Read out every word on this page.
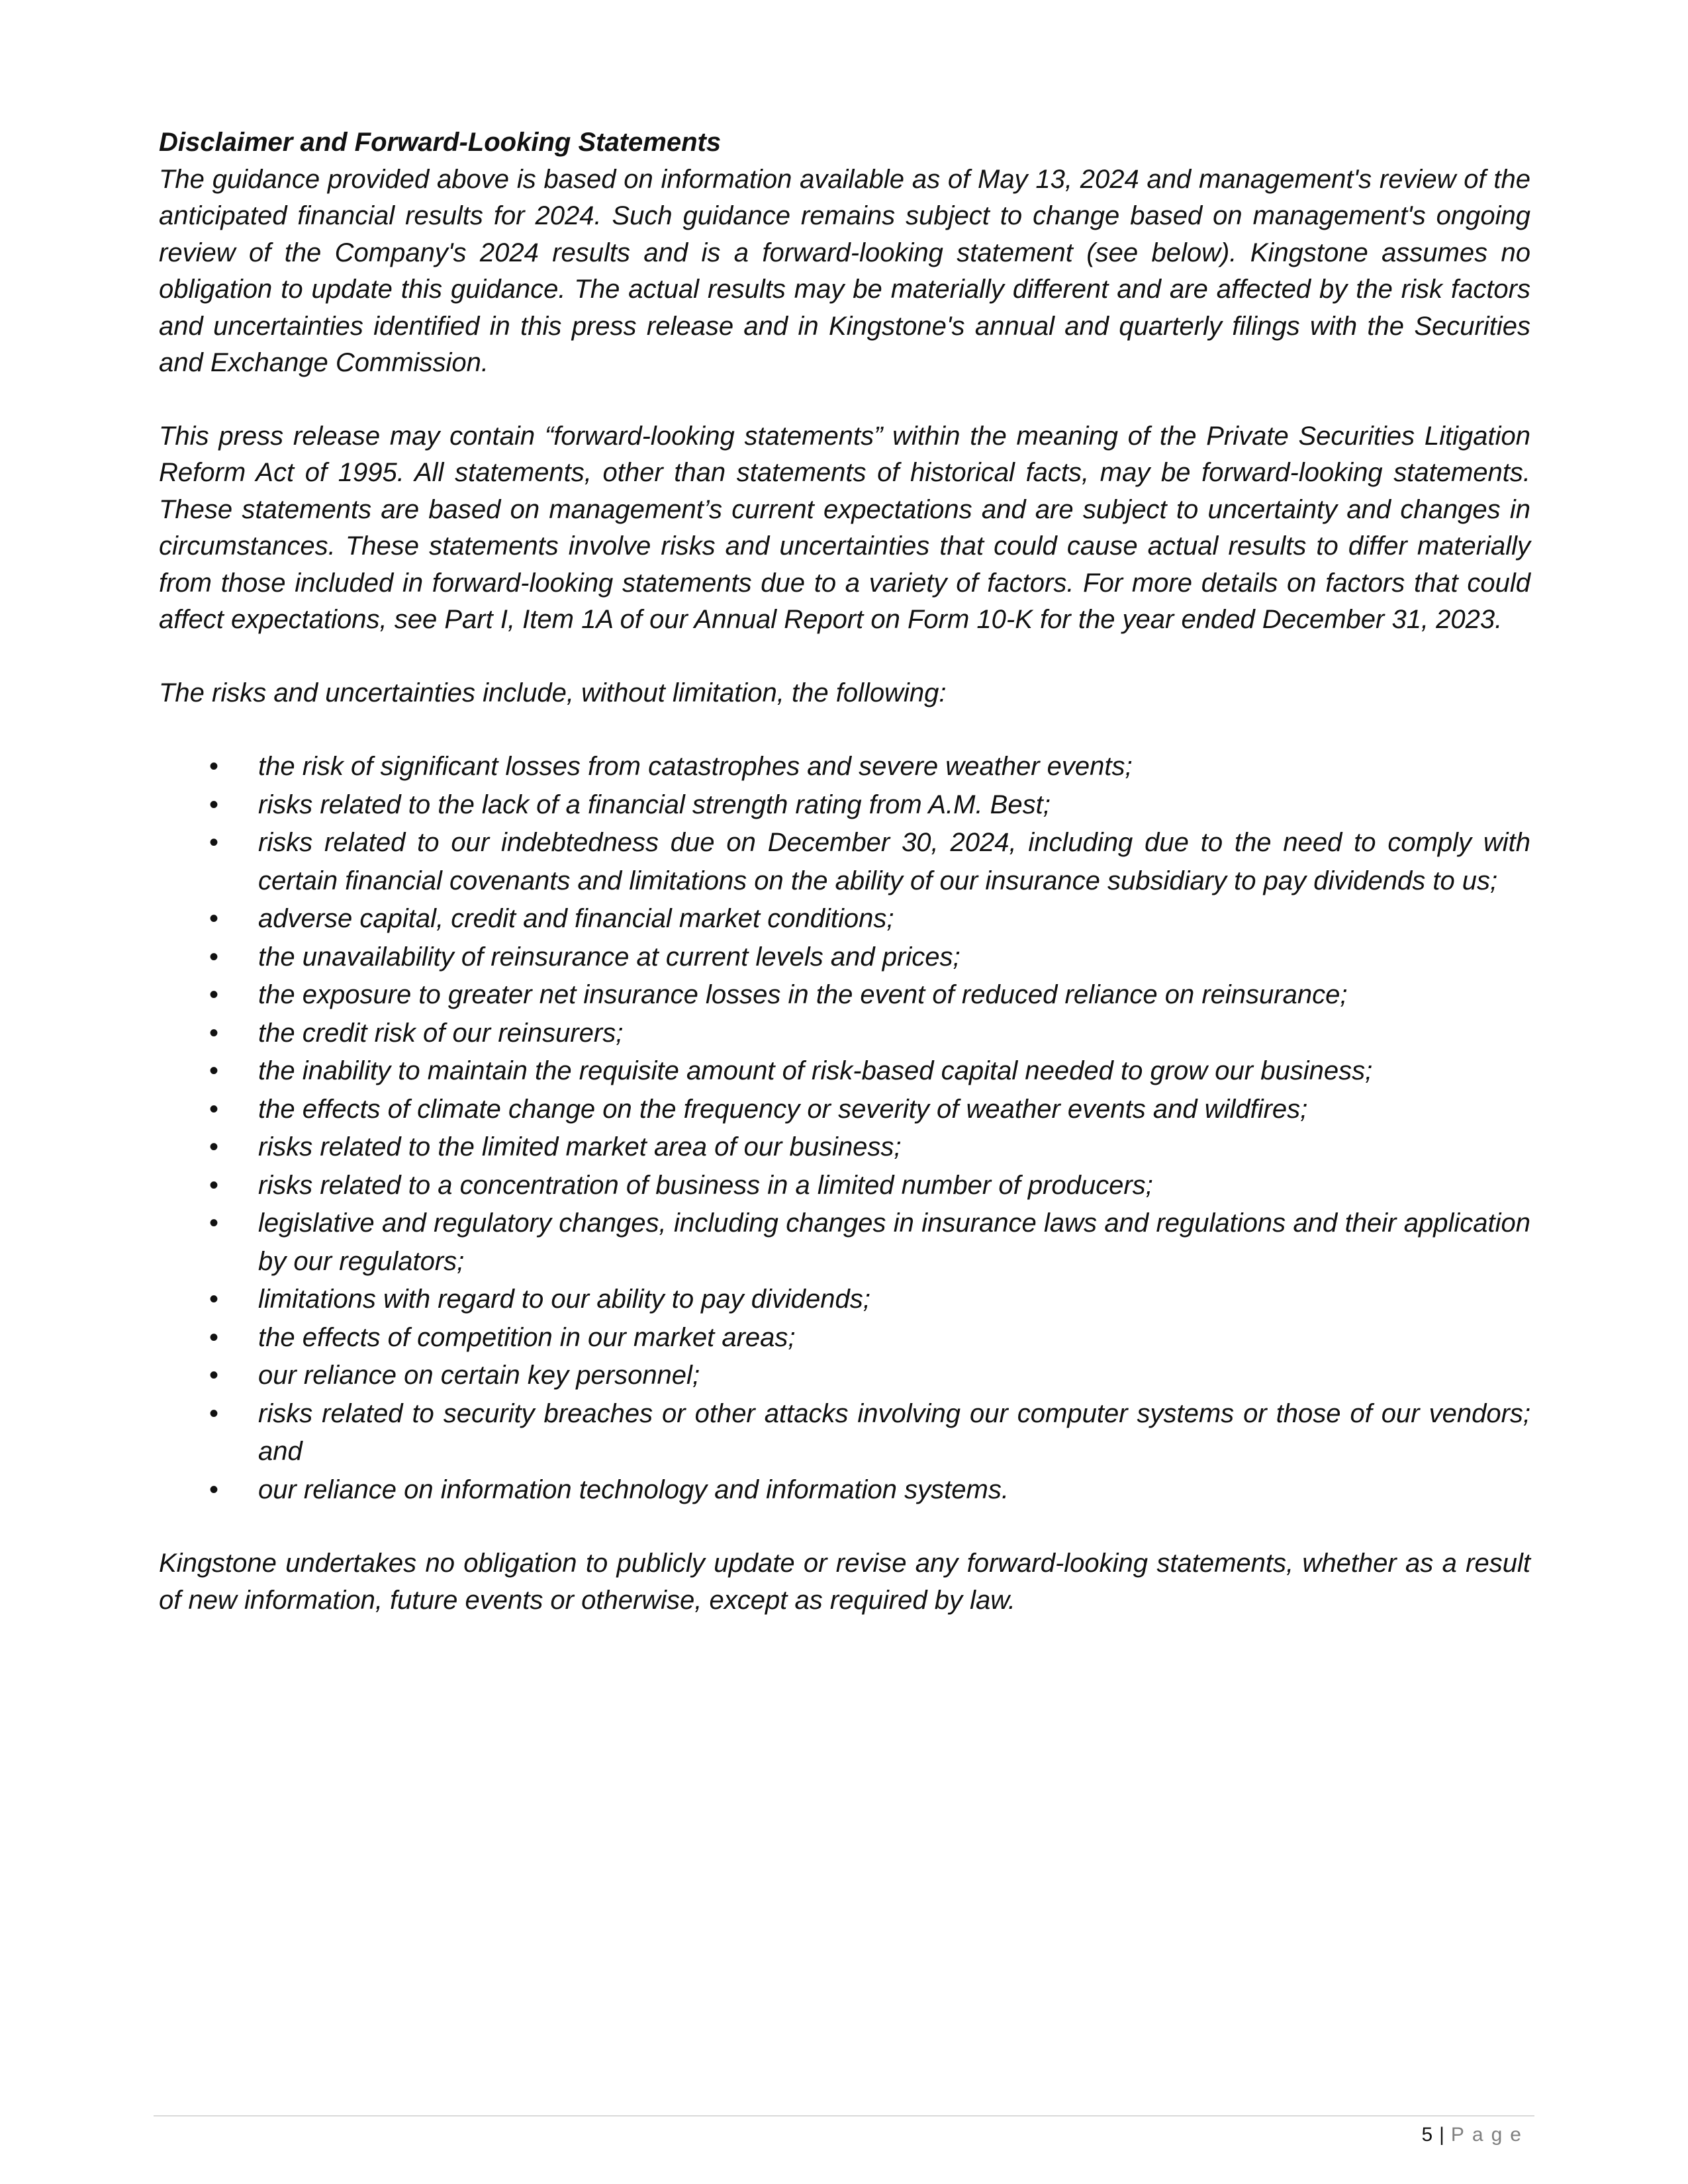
Disclaimer and Forward-Looking Statements

The guidance provided above is based on information available as of May 13, 2024 and management's review of the anticipated financial results for 2024. Such guidance remains subject to change based on management's ongoing review of the Company's 2024 results and is a forward-looking statement (see below). Kingstone assumes no obligation to update this guidance. The actual results may be materially different and are affected by the risk factors and uncertainties identified in this press release and in Kingstone's annual and quarterly filings with the Securities and Exchange Commission.

This press release may contain “forward-looking statements” within the meaning of the Private Securities Litigation Reform Act of 1995. All statements, other than statements of historical facts, may be forward-looking statements. These statements are based on management’s current expectations and are subject to uncertainty and changes in circumstances. These statements involve risks and uncertainties that could cause actual results to differ materially from those included in forward-looking statements due to a variety of factors. For more details on factors that could affect expectations, see Part I, Item 1A of our Annual Report on Form 10-K for the year ended December 31, 2023.

The risks and uncertainties include, without limitation, the following:

• the risk of significant losses from catastrophes and severe weather events;
• risks related to the lack of a financial strength rating from A.M. Best;
• risks related to our indebtedness due on December 30, 2024, including due to the need to comply with certain financial covenants and limitations on the ability of our insurance subsidiary to pay dividends to us;
• adverse capital, credit and financial market conditions;
• the unavailability of reinsurance at current levels and prices;
• the exposure to greater net insurance losses in the event of reduced reliance on reinsurance;
• the credit risk of our reinsurers;
• the inability to maintain the requisite amount of risk-based capital needed to grow our business;
• the effects of climate change on the frequency or severity of weather events and wildfires;
• risks related to the limited market area of our business;
• risks related to a concentration of business in a limited number of producers;
• legislative and regulatory changes, including changes in insurance laws and regulations and their application by our regulators;
• limitations with regard to our ability to pay dividends;
• the effects of competition in our market areas;
• our reliance on certain key personnel;
• risks related to security breaches or other attacks involving our computer systems or those of our vendors; and
• our reliance on information technology and information systems.

Kingstone undertakes no obligation to publicly update or revise any forward-looking statements, whether as a result of new information, future events or otherwise, except as required by law.

5 | Page
